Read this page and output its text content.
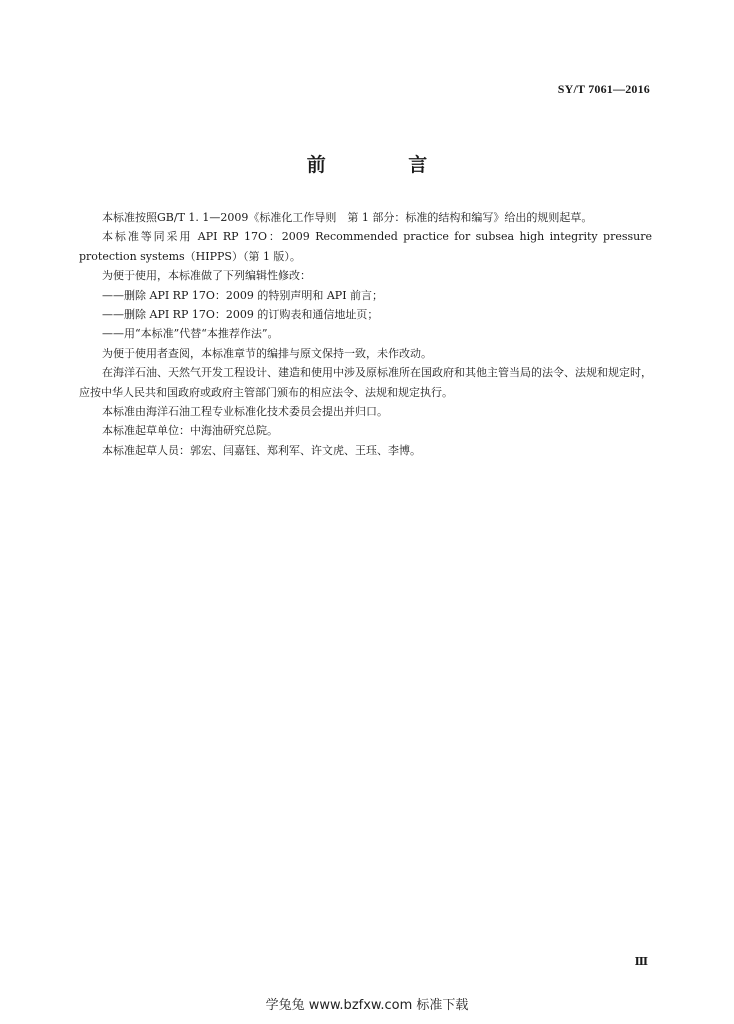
SY/T 7061—2016
前 言

本标准按照GB/T 1. 1—2009《标准化工作导则　第 1 部分：标准的结构和编写》给出的规则起草。

本标准等同采用 API RP 17O：2009 Recommended practice for subsea high integrity pressure protection systems（HIPPS）（第 1 版）。

为便于使用，本标准做了下列编辑性修改：

——删除 API RP 17O：2009 的特别声明和 API 前言；

——删除 API RP 17O：2009 的订购表和通信地址页；

——用“本标准”代替“本推荐作法”。

为便于使用者查阅，本标准章节的编排与原文保持一致，未作改动。

在海洋石油、天然气开发工程设计、建造和使用中涉及原标准所在国政府和其他主管当局的法令、法规和规定时，应按中华人民共和国政府或政府主管部门颁布的相应法令、法规和规定执行。

本标准由海洋石油工程专业标准化技术委员会提出并归口。

本标准起草单位：中海油研究总院。

本标准起草人员：郭宏、闫嘉钰、郑利军、许文虎、王珏、李博。

Ⅲ
学兔兔 www.bzfxw.com 标准下载
